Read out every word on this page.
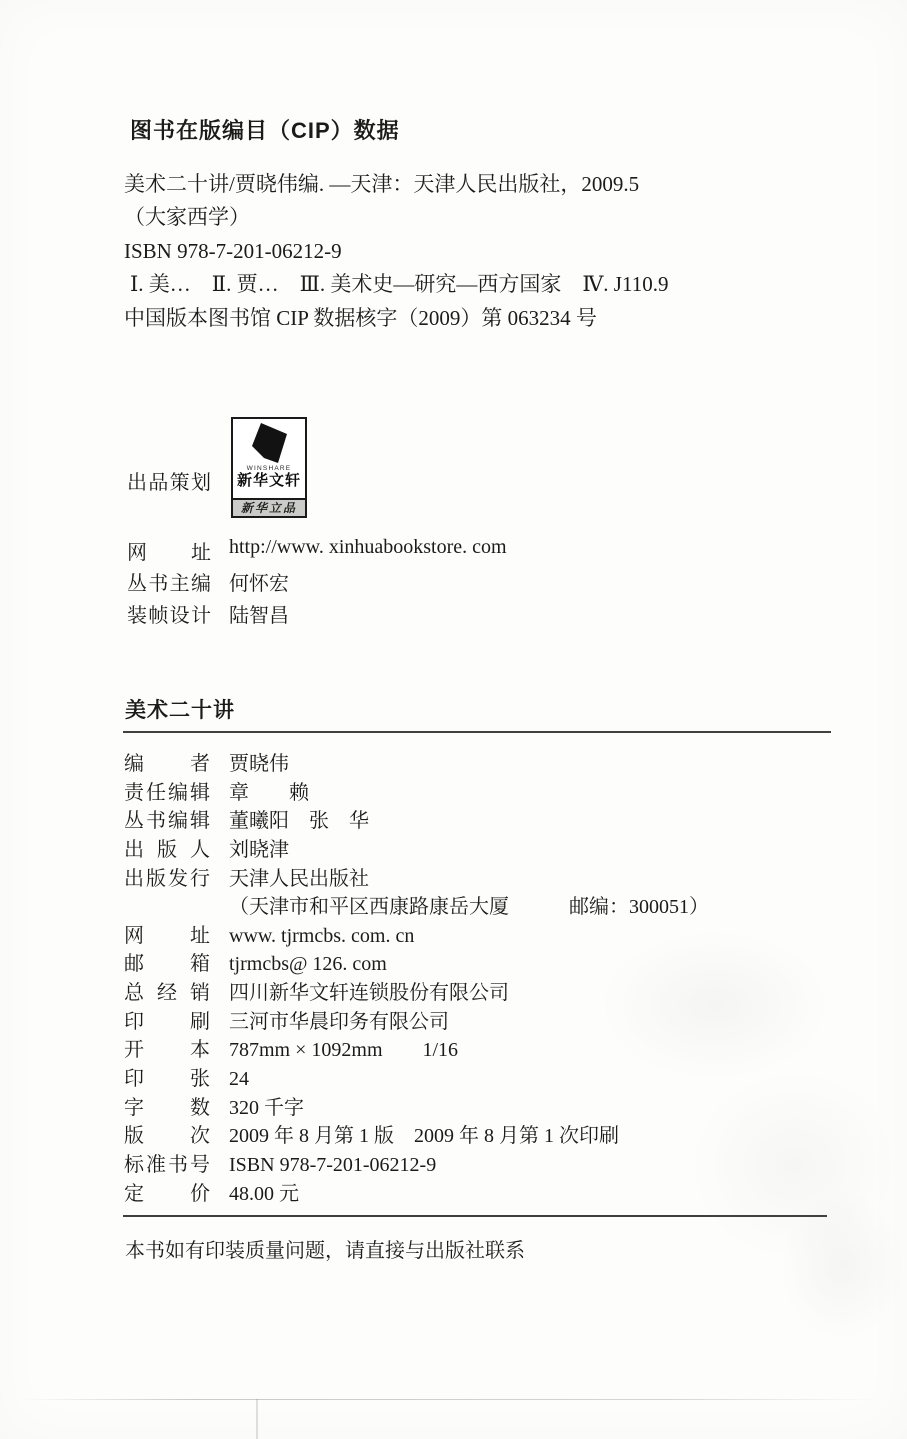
图书在版编目（CIP）数据

美术二十讲/贾晓伟编. —天津：天津人民出版社，2009.5

（大家西学）

ISBN 978-7-201-06212-9

Ⅰ. 美…　Ⅱ. 贾…　Ⅲ. 美术史—研究—西方国家　Ⅳ. J110.9

中国版本图书馆 CIP 数据核字（2009）第 063234 号

出品策划
WINSHARE
新华文轩
新华立品
网址 http://www. xinhuabookstore. com
丛书主编 何怀宏
装帧设计 陆智昌
美术二十讲
编者 贾晓伟
责任编辑 章　　赖
丛书编辑 董曦阳　张　华
出版人 刘晓津
出版发行 天津人民出版社
（天津市和平区西康路康岳大厦　　　邮编：300051）
网址 www. tjrmcbs. com. cn
邮箱 tjrmcbs@ 126. com
总经销 四川新华文轩连锁股份有限公司
印刷 三河市华晨印务有限公司
开本 787mm × 1092mm　　1/16
印张 24
字数 320 千字
版次 2009 年 8 月第 1 版　2009 年 8 月第 1 次印刷
标准书号 ISBN 978-7-201-06212-9
定价 48.00 元

本书如有印装质量问题，请直接与出版社联系
